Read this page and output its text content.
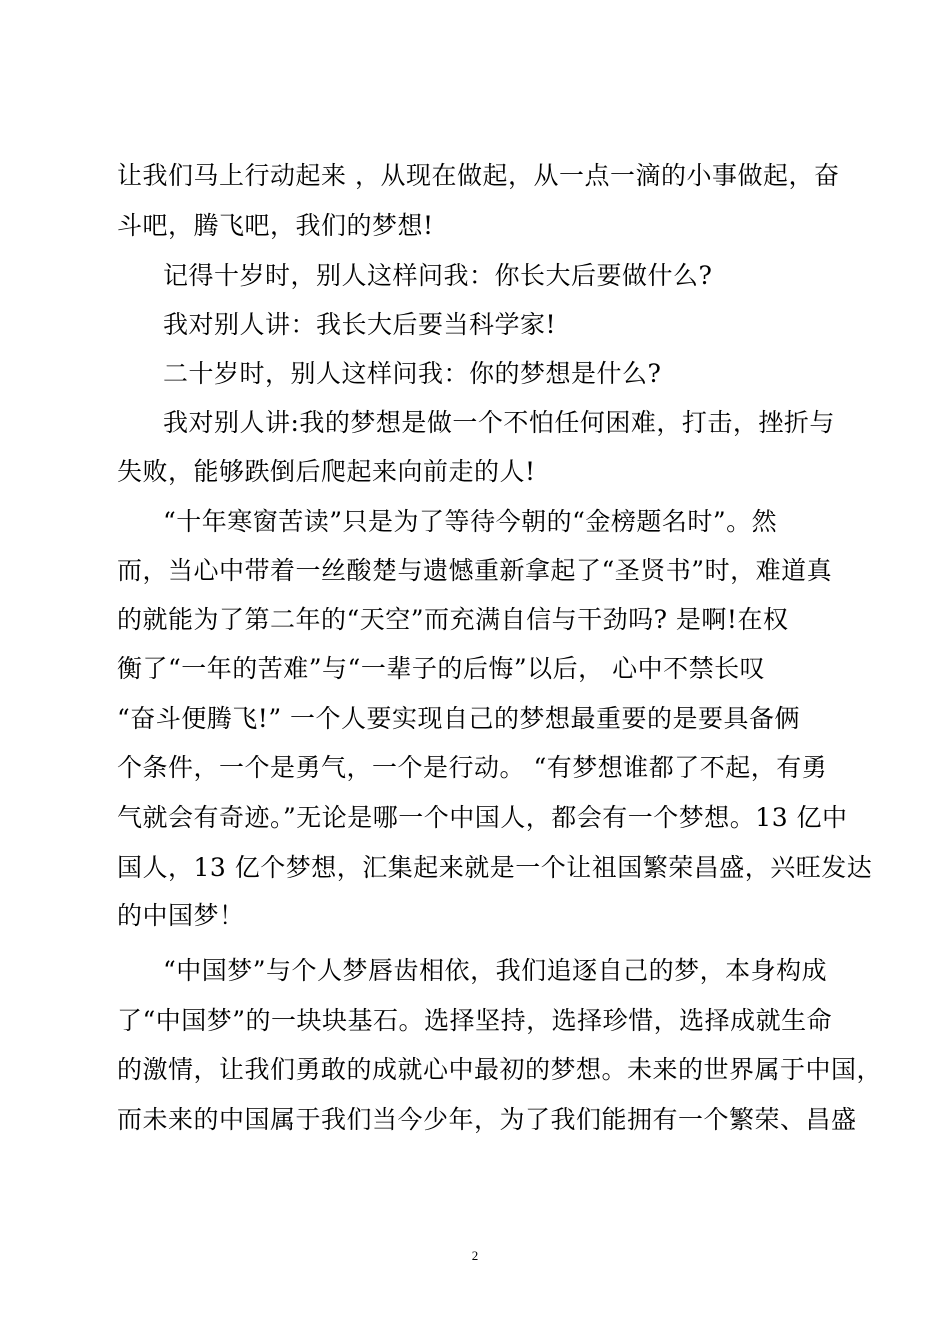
让我们马上行动起来 ，从现在做起，从一点一滴的小事做起，奋
斗吧，腾飞吧，我们的梦想!
记得十岁时，别人这样问我：你长大后要做什么?
我对别人讲：我长大后要当科学家!
二十岁时，别人这样问我：你的梦想是什么?
我对别人讲:我的梦想是做一个不怕任何困难，打击，挫折与
失败，能够跌倒后爬起来向前走的人!
“十年寒窗苦读”只是为了等待今朝的“金榜题名时”。然
而，当心中带着一丝酸楚与遗憾重新拿起了“圣贤书”时，难道真
的就能为了第二年的“天空”而充满自信与干劲吗? 是啊!在权
衡了“一年的苦难”与“一辈子的后悔”以后， 心中不禁长叹
“奋斗便腾飞!” 一个人要实现自己的梦想最重要的是要具备俩
个条件，一个是勇气，一个是行动。 “有梦想谁都了不起，有勇
气就会有奇迹。”无论是哪一个中国人，都会有一个梦想。13 亿中
国人，13 亿个梦想，汇集起来就是一个让祖国繁荣昌盛，兴旺发达
的中国梦！
“中国梦”与个人梦唇齿相依，我们追逐自己的梦，本身构成
了“中国梦”的一块块基石。选择坚持，选择珍惜，选择成就生命
的激情，让我们勇敢的成就心中最初的梦想。未来的世界属于中国，
而未来的中国属于我们当今少年，为了我们能拥有一个繁荣、昌盛
2
